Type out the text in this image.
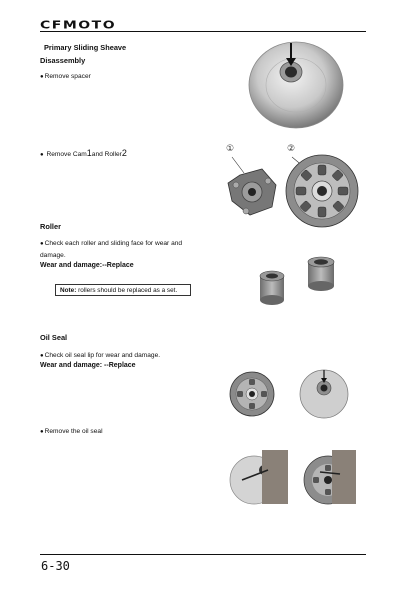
CFMOTO
Primary Sliding Sheave
Disassembly
● Remove spacer
● Remove Cam1and Roller2
Roller
● Check each roller and sliding face for wear and
damage.
Wear and damage:--Replace
Note: rollers should be replaced as a set.
Oil Seal
● Check oil seal lip for wear and damage.
Wear and damage: --Replace
● Remove the oil seal
①	②
6-30
